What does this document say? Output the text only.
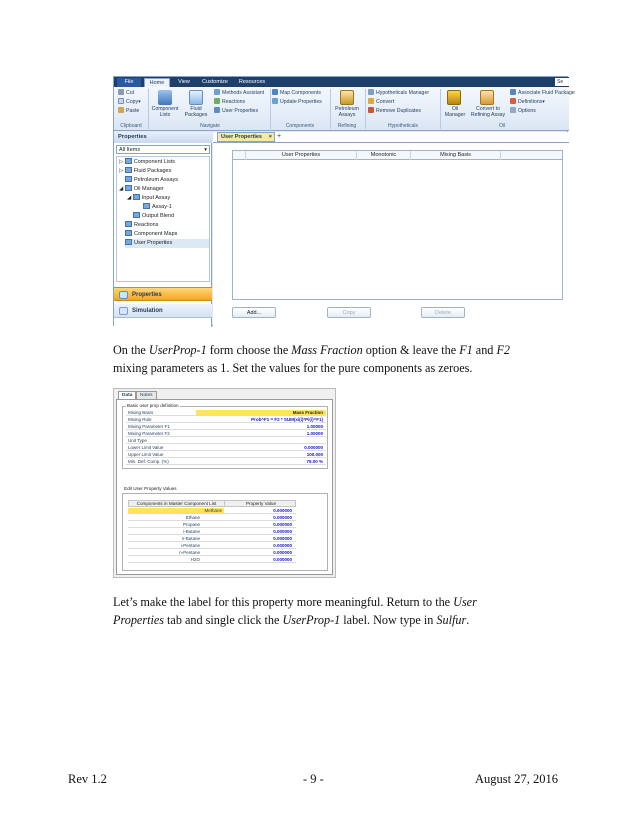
File	Home	View	Customize	Resources	Se
Cut
Copy▾
Paste
Clipboard
Component
Lists
Fluid
Packages
Methods Assistant
Reactions
User Properties
Navigate
Map Components
Update Properties
Components
Petroleum
Assays
Refining
Hypotheticals Manager
Convert
Remove Duplicates
Hypotheticals
Oil
Manager
Convert to
Refining Assay
Associate Fluid Package
Definitions▾
Options
Oil
Properties
All Items	▾
▷ Component Lists
▷ Fluid Packages
Petroleum Assays
◢ Oil Manager
◢ Input Assay
Assay-1
Output Blend
Reactions
Component Maps
User Properties
Properties
Simulation
User Properties × +
User Properties	Monotonic	Mixing Basis
Add...	Copy	Delete
On the UserProp-1 form choose the Mass Fraction option & leave the F1 and F2
mixing parameters as 1. Set the values for the pure components as zeroes.
Data	Notes
Basic user prop definition
Mixing Basis	Mass Fraction
Mixing Rule	Prob^F1 = F2 * SUM(xi(i)*Pi(i)^F1)
Mixing Parameter F1	1.00000
Mixing Parameter F2	1.00000
Unit Type
Lower Limit Value	0.000000
Upper Limit Value	100.000
Min. Def. Comp. (%)	75.00 %
Edit User Property Values
Components in Master Component List	Property Value
Methane	0.000000
Ethane	0.000000
Propane	0.000000
i-Butane	0.000000
n-Butane	0.000000
i-Pentane	0.000000
n-Pentane	0.000000
H2O	0.000000
Let’s make the label for this property more meaningful. Return to the User
Properties tab and single click the UserProp-1 label. Now type in Sulfur.
Rev 1.2	- 9 -	August 27, 2016
